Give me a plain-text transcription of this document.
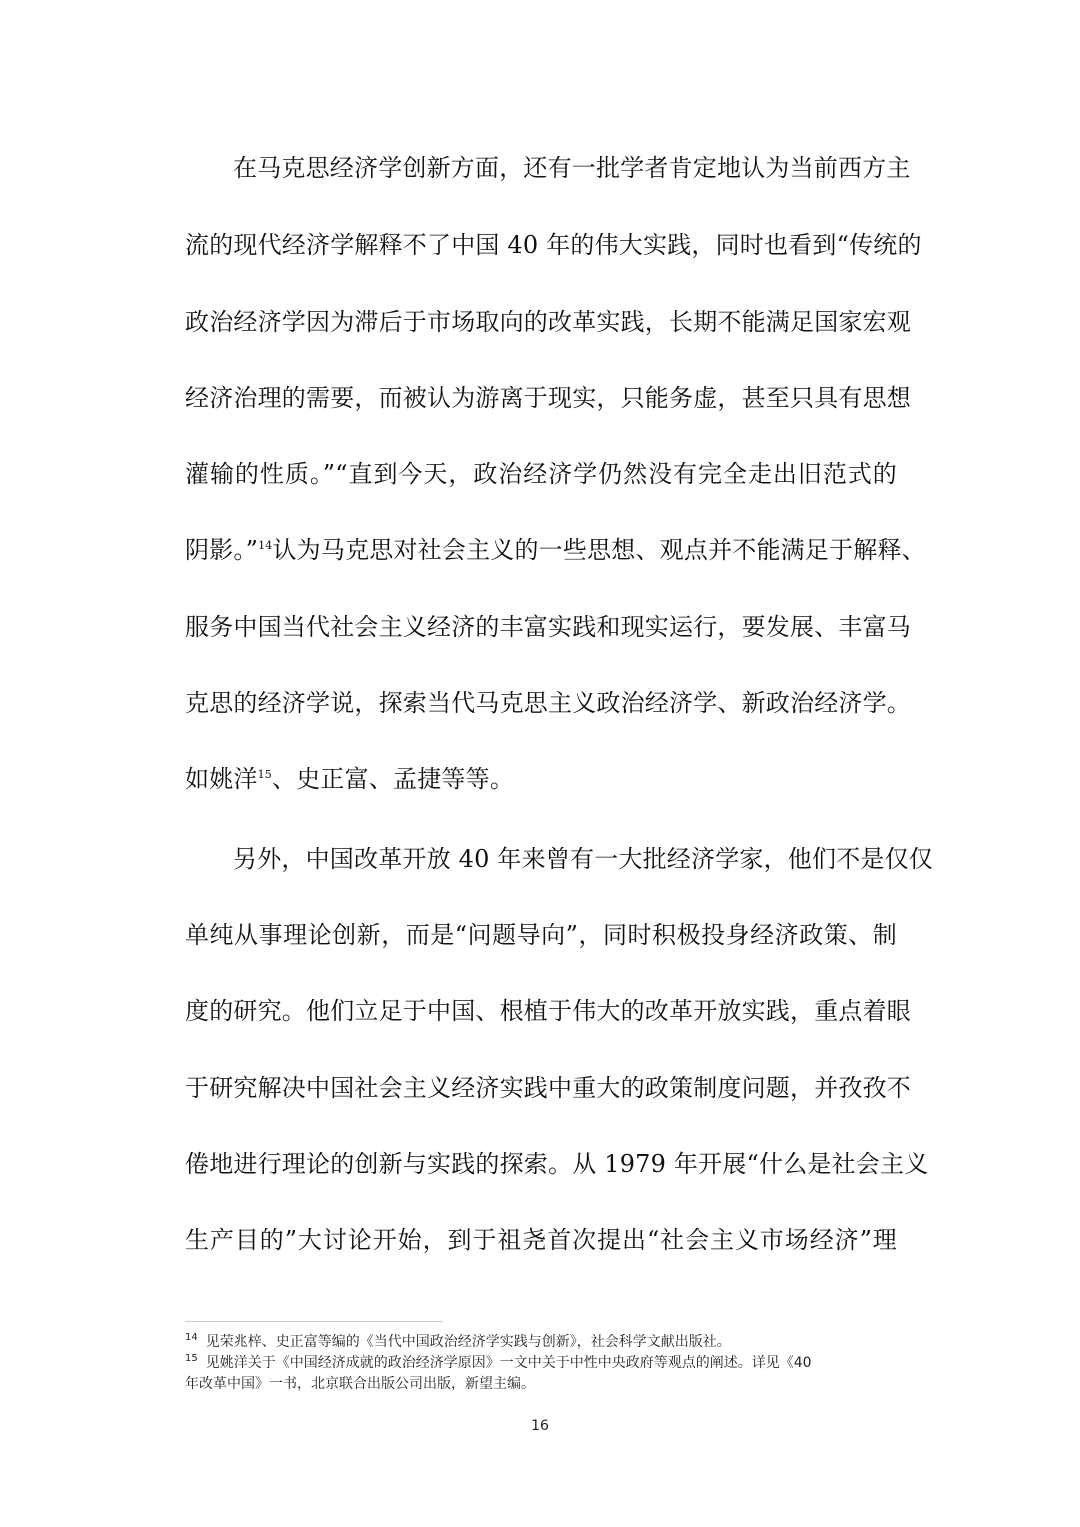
在马克思经济学创新方面，还有一批学者肯定地认为当前西方主
流的现代经济学解释不了中国 40 年的伟大实践，同时也看到“传统的
政治经济学因为滞后于市场取向的改革实践，长期不能满足国家宏观
经济治理的需要，而被认为游离于现实，只能务虚，甚至只具有思想
灌输的性质。”“直到今天，政治经济学仍然没有完全走出旧范式的
阴影。”$^{14}$认为马克思对社会主义的一些思想、观点并不能满足于解释、
服务中国当代社会主义经济的丰富实践和现实运行，要发展、丰富马
克思的经济学说，探索当代马克思主义政治经济学、新政治经济学。
如姚洋$^{15}$、史正富、孟捷等等。
另外，中国改革开放 40 年来曾有一大批经济学家，他们不是仅仅
单纯从事理论创新，而是“问题导向”，同时积极投身经济政策、制
度的研究。他们立足于中国、根植于伟大的改革开放实践，重点着眼
于研究解决中国社会主义经济实践中重大的政策制度问题，并孜孜不
倦地进行理论的创新与实践的探索。从 1979 年开展“什么是社会主义
生产目的”大讨论开始，到于祖尧首次提出“社会主义市场经济”理
$^{14}$ 见荣兆梓、史正富等编的《当代中国政治经济学实践与创新》，社会科学文献出版社。
$^{15}$ 见姚洋关于《中国经济成就的政治经济学原因》一文中关于中性中央政府等观点的阐述。详见《40
年改革中国》一书，北京联合出版公司出版，新望主编。
16
